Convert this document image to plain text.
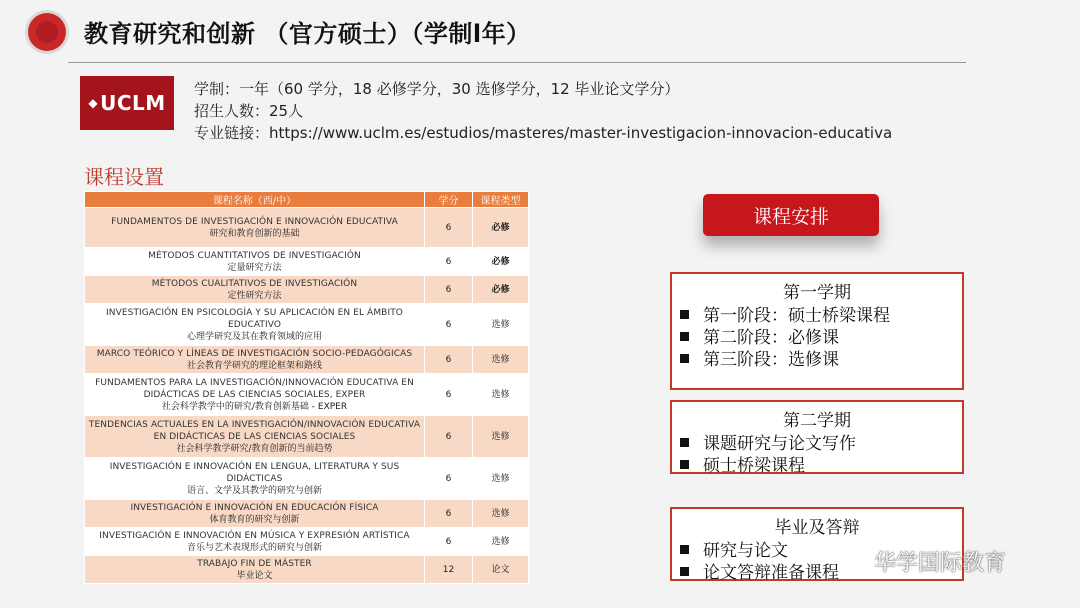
教育研究和创新 （官方硕士）（学制l年）
◆ UCLM
学制：一年（60 学分，18 必修学分，30 选修学分，12 毕业论文学分）
招生人数：25人
专业链接：https://www.uclm.es/estudios/masteres/master-investigacion-innovacion-educativa
课程设置
课程名称（西/中）	学分	课程类型

FUNDAMENTOS DE INVESTIGACIÓN E INNOVACIÓN EDUCATIVA
研究和教育创新的基础	6	必修

MÉTODOS CUANTITATIVOS DE INVESTIGACIÓN
定量研究方法	6	必修

MÉTODOS CUALITATIVOS DE INVESTIGACIÓN
定性研究方法	6	必修

INVESTIGACIÓN EN PSICOLOGÍA Y SU APLICACIÓN EN EL ÁMBITO EDUCATIVO
心理学研究及其在教育领域的应用	6	选修

MARCO TEÓRICO Y LÍNEAS DE INVESTIGACIÓN SOCIO-PEDAGÓGICAS
社会教育学研究的理论框架和路线	6	选修

FUNDAMENTOS PARA LA INVESTIGACIÓN/INNOVACIÓN EDUCATIVA EN DIDÁCTICAS DE LAS CIENCIAS SOCIALES, EXPER
社会科学教学中的研究/教育创新基础 - EXPER	6	选修

TENDENCIAS ACTUALES EN LA INVESTIGACIÓN/INNOVACIÓN EDUCATIVA EN DIDÁCTICAS DE LAS CIENCIAS SOCIALES
社会科学教学研究/教育创新的当前趋势	6	选修

INVESTIGACIÓN E INNOVACIÓN EN LENGUA, LITERATURA Y SUS DIDÁCTICAS
语言、文学及其教学的研究与创新	6	选修

INVESTIGACIÓN E INNOVACIÓN EN EDUCACIÓN FÍSICA
体育教育的研究与创新	6	选修

INVESTIGACIÓN E INNOVACIÓN EN MÚSICA Y EXPRESIÓN ARTÍSTICA
音乐与艺术表现形式的研究与创新	6	选修

TRABAJO FIN DE MÁSTER
毕业论文	12	论文
课程安排
第一学期
第一阶段：硕士桥梁课程
第二阶段：必修课
第三阶段：选修课
第二学期
课题研究与论文写作
硕士桥梁课程
毕业及答辩
研究与论文
论文答辩准备课程	华学国际教育
